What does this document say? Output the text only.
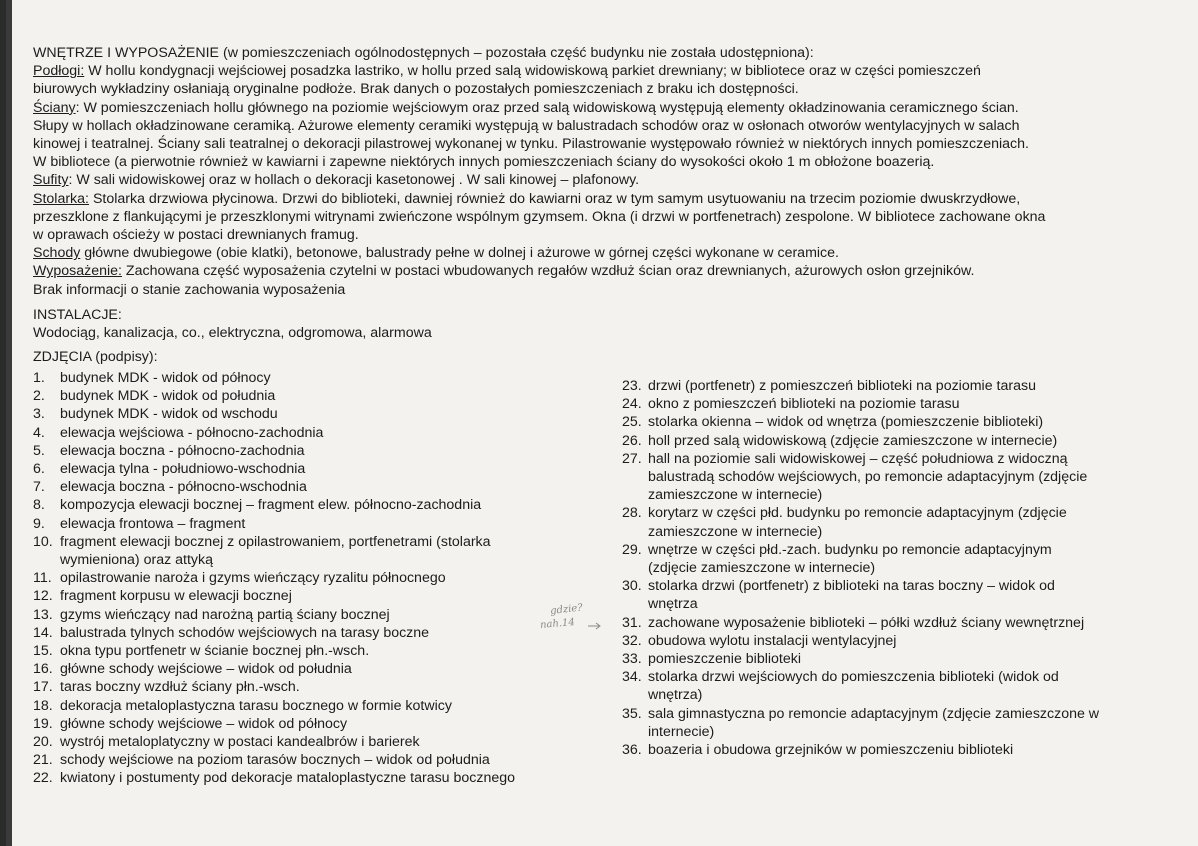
WNĘTRZE I WYPOSAŻENIE (w pomieszczeniach ogólnodostępnych – pozostała część budynku nie została udostępniona):
Podłogi: W hollu kondygnacji wejściowej posadzka lastriko, w hollu przed salą widowiskową parkiet drewniany; w bibliotece oraz w części pomieszczeń
biurowych wykładziny osłaniają oryginalne podłoże. Brak danych o pozostałych pomieszczeniach z braku ich dostępności.
Ściany: W pomieszczeniach hollu głównego na poziomie wejściowym oraz przed salą widowiskową występują elementy okładzinowania ceramicznego ścian.
Słupy w hollach okładzinowane ceramiką. Ażurowe elementy ceramiki występują w balustradach schodów oraz w osłonach otworów wentylacyjnych w salach
kinowej i teatralnej. Ściany sali teatralnej o dekoracji pilastrowej wykonanej w tynku. Pilastrowanie występowało również w niektórych innych pomieszczeniach.
W bibliotece (a pierwotnie również w kawiarni i zapewne niektórych innych pomieszczeniach ściany do wysokości około 1 m obłożone boazerią.
Sufity: W sali widowiskowej oraz w hollach o dekoracji kasetonowej . W sali kinowej – plafonowy.
Stolarka: Stolarka drzwiowa płycinowa. Drzwi do biblioteki, dawniej również do kawiarni oraz w tym samym usytuowaniu na trzecim poziomie dwuskrzydłowe,
przeszklone z flankującymi je przeszklonymi witrynami zwieńczone wspólnym gzymsem. Okna (i drzwi w portfenetrach) zespolone. W bibliotece zachowane okna
w oprawach ościeży w postaci drewnianych framug.
Schody główne dwubiegowe (obie klatki), betonowe, balustrady pełne w dolnej i ażurowe w górnej części wykonane w ceramice.
Wyposażenie: Zachowana część wyposażenia czytelni w postaci wbudowanych regałów wzdłuż ścian oraz drewnianych, ażurowych osłon grzejników.
Brak informacji o stanie zachowania wyposażenia
INSTALACJE:
Wodociąg, kanalizacja, co., elektryczna, odgromowa, alarmowa
ZDJĘCIA (podpisy):
1.	budynek MDK - widok od północy
2.	budynek MDK - widok od południa
3.	budynek MDK - widok od wschodu
4.	elewacja wejściowa - północno-zachodnia
5.	elewacja boczna - północno-zachodnia
6.	elewacja tylna - południowo-wschodnia
7.	elewacja boczna - północno-wschodnia
8.	kompozycja elewacji bocznej – fragment elew. północno-zachodnia
9.	elewacja frontowa – fragment
10. fragment elewacji bocznej z opilastrowaniem, portfenetrami (stolarka
wymieniona) oraz attyką
11. opilastrowanie naroża i gzyms wieńczący ryzalitu północnego
12. fragment korpusu w elewacji bocznej
13. gzyms wieńczący nad narożną partią ściany bocznej
14. balustrada tylnych schodów wejściowych na tarasy boczne
15. okna typu portfenetr w ścianie bocznej płn.-wsch.
16. główne schody wejściowe – widok od południa
17. taras boczny wzdłuż ściany płn.-wsch.
18. dekoracja metaloplastyczna tarasu bocznego w formie kotwicy
19. główne schody wejściowe – widok od północy
20. wystrój metaloplatyczny w postaci kandealbrów i barierek
21. schody wejściowe na poziom tarasów bocznych – widok od południa
22. kwiatony i postumenty pod dekoracje mataloplastyczne tarasu bocznego
23. drzwi (portfenetr) z pomieszczeń biblioteki na poziomie tarasu
24. okno z pomieszczeń biblioteki na poziomie tarasu
25. stolarka okienna – widok od wnętrza (pomieszczenie biblioteki)
26. holl przed salą widowiskową (zdjęcie zamieszczone w internecie)
27. hall na poziomie sali widowiskowej – część południowa z widoczną
balustradą schodów wejściowych, po remoncie adaptacyjnym (zdjęcie
zamieszczone w internecie)
28. korytarz w części płd. budynku po remoncie adaptacyjnym (zdjęcie
zamieszczone w internecie)
29. wnętrze w części płd.-zach. budynku po remoncie adaptacyjnym
(zdjęcie zamieszczone w internecie)
30. stolarka drzwi (portfenetr) z biblioteki na taras boczny – widok od
wnętrza
31. zachowane wyposażenie biblioteki – półki wzdłuż ściany wewnętrznej
32. obudowa wylotu instalacji wentylacyjnej
33. pomieszczenie biblioteki
34. stolarka drzwi wejściowych do pomieszczenia biblioteki (widok od
wnętrza)
35. sala gimnastyczna po remoncie adaptacyjnym (zdjęcie zamieszczone w
internecie)
36. boazeria i obudowa grzejników w pomieszczeniu biblioteki
gdzie?
nah.14
